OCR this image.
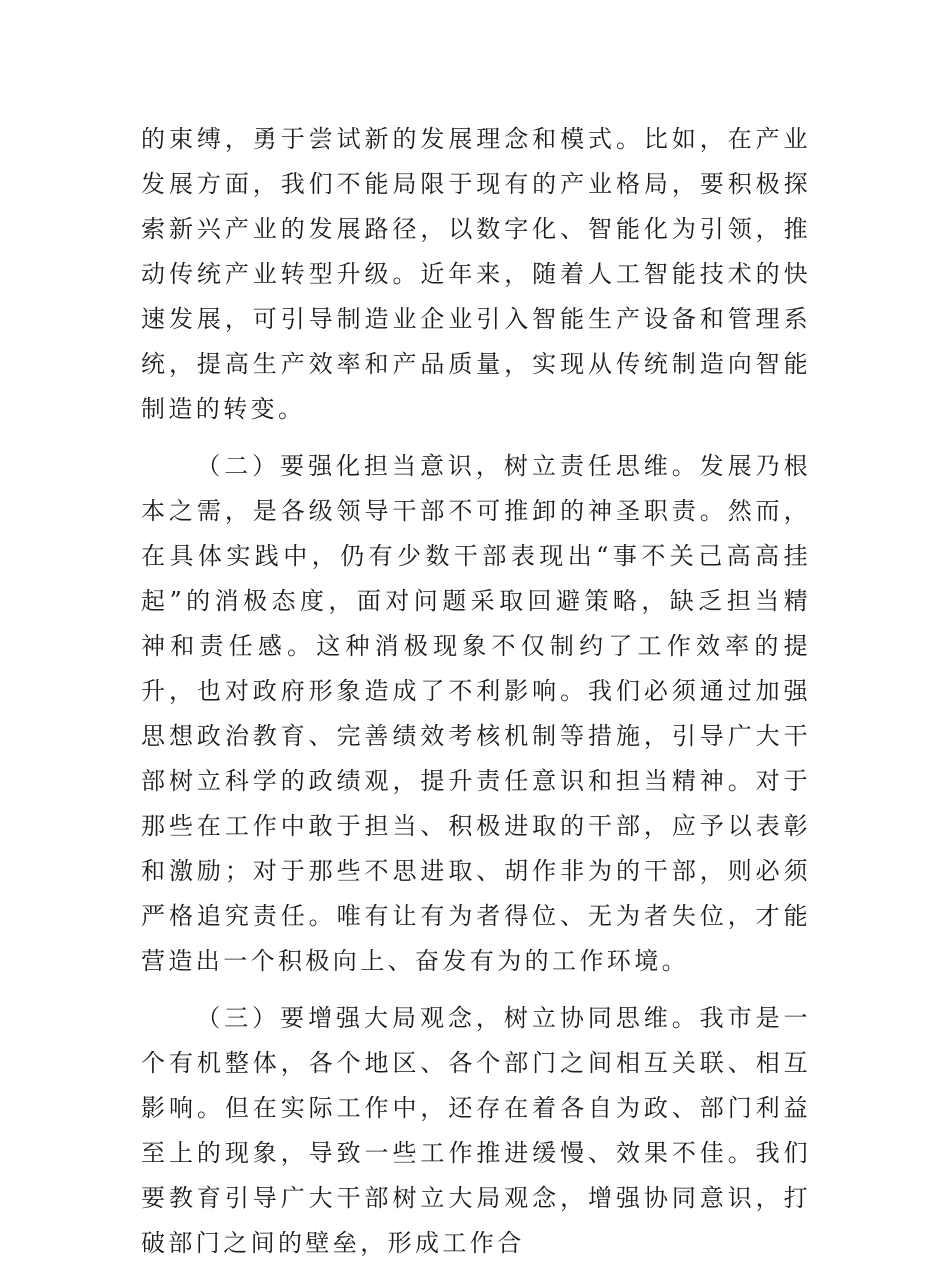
的束缚，勇于尝试新的发展理念和模式。比如，在产业发展方面，我们不能局限于现有的产业格局，要积极探索新兴产业的发展路径，以数字化、智能化为引领，推动传统产业转型升级。近年来，随着人工智能技术的快速发展，可引导制造业企业引入智能生产设备和管理系统，提高生产效率和产品质量，实现从传统制造向智能制造的转变。

（二）要强化担当意识，树立责任思维。发展乃根本之需，是各级领导干部不可推卸的神圣职责。然而，在具体实践中，仍有少数干部表现出“事不关己高高挂起”的消极态度，面对问题采取回避策略，缺乏担当精神和责任感。这种消极现象不仅制约了工作效率的提升，也对政府形象造成了不利影响。我们必须通过加强思想政治教育、完善绩效考核机制等措施，引导广大干部树立科学的政绩观，提升责任意识和担当精神。对于那些在工作中敢于担当、积极进取的干部，应予以表彰和激励；对于那些不思进取、胡作非为的干部，则必须严格追究责任。唯有让有为者得位、无为者失位，才能营造出一个积极向上、奋发有为的工作环境。

（三）要增强大局观念，树立协同思维。我市是一个有机整体，各个地区、各个部门之间相互关联、相互影响。但在实际工作中，还存在着各自为政、部门利益至上的现象，导致一些工作推进缓慢、效果不佳。我们要教育引导广大干部树立大局观念，增强协同意识，打破部门之间的壁垒，形成工作合
